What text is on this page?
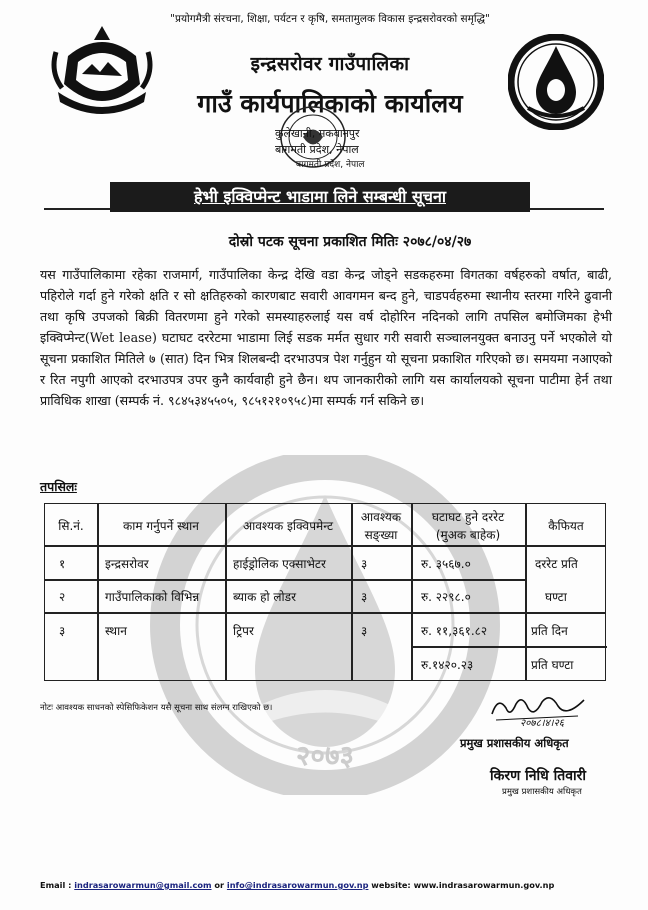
२०७३
"प्रयोगमैत्री संरचना, शिक्षा, पर्यटन र कृषि, समतामुलक विकास इन्द्रसरोवरको समृद्धि"
इन्द्रसरोवर गाउँपालिका
गाउँ कार्यपालिकाको कार्यालय
कुलेखानी, मकवानपुर
बागमती प्रदेश, नेपाल
बागमती प्रदेश, नेपाल
हेभी इक्विप्मेन्ट भाडामा लिने सम्बन्धी सूचना
दोस्रो पटक सूचना प्रकाशित मितिः २०७८/०४/२७
यस गाउँपालिकामा रहेका राजमार्ग, गाउँपालिका केन्द्र देखि वडा केन्द्र जोड्ने सडकहरुमा विगतका वर्षहरुको वर्षात, बाढी, पहिरोले गर्दा हुने गरेको क्षति र सो क्षतिहरुको कारणबाट सवारी आवगमन बन्द हुने, चाडपर्वहरुमा स्थानीय स्तरमा गरिने ढुवानी तथा कृषि उपजको बिक्री वितरणमा हुने गरेको समस्याहरुलाई यस वर्ष दोहोरिन नदिनको लागि तपसिल बमोजिमका हेभी इक्विप्मेन्ट(Wet lease) घटाघट दररेटमा भाडामा लिई सडक मर्मत सुधार गरी सवारी सञ्चालनयुक्त बनाउनु पर्ने भएकोले यो सूचना प्रकाशित मितिले ७ (सात) दिन भित्र शिलबन्दी दरभाउपत्र पेश गर्नुहुन यो सूचना प्रकाशित गरिएको छ। समयमा नआएको र रित नपुगी आएको दरभाउपत्र उपर कुनै कार्यवाही हुने छैन। थप जानकारीको लागि यस कार्यालयको सूचना पाटीमा हेर्न तथा प्राविधिक शाखा (सम्पर्क नं. ९८४५३४५५०५, ९८५१२१०९५८)मा सम्पर्क गर्न सकिने छ।
तपसिलः
सि.नं.	काम गर्नुपर्ने स्थान	आवश्यक इक्विपमेन्ट
आवश्यक
सङ्ख्या
घटाघट हुने दररेट
(मुअक बाहेक)
कैफियत
१
२
३
इन्द्रसरोवर
गाउँपालिकाको विभिन्न
स्थान
हाईड्रोलिक एक्साभेटर
ब्याक हो लोडर
ट्रिपर
३
३
३
रु. ३५६७.०
रु. २२९८.०
रु. ११,३६१.८२
रु.१४२०.२३
दररेट प्रति
घण्टा
प्रति दिन
प्रति घण्टा
नोटः आवश्यक साधनको स्पेसिफिकेशन यसै सूचना साथ संलग्न राखिएको छ।
२०७८।४।२६
प्रमुख प्रशासकीय अधिकृत
किरण निधि तिवारी
प्रमुख प्रशासकीय अधिकृत
Email : indrasarowarmun@gmail.com or info@indrasarowarmun.gov.np website: www.indrasarowarmun.gov.np
